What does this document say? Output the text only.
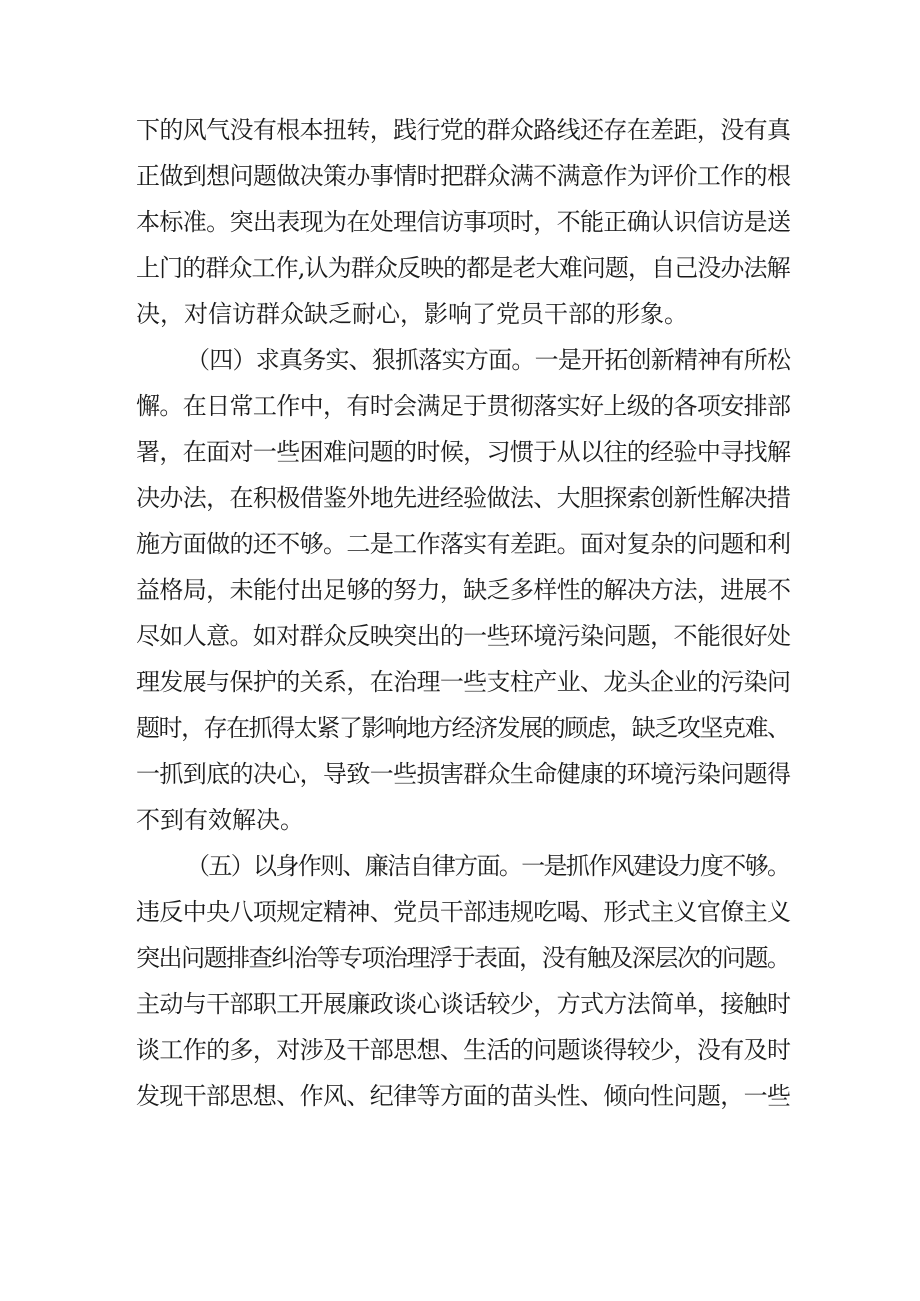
下的风气没有根本扭转，践行党的群众路线还存在差距，没有真
正做到想问题做决策办事情时把群众满不满意作为评价工作的根
本标准。突出表现为在处理信访事项时，不能正确认识信访是送
上门的群众工作,认为群众反映的都是老大难问题，自己没办法解
决，对信访群众缺乏耐心，影响了党员干部的形象。

（四）求真务实、狠抓落实方面。一是开拓创新精神有所松
懈。在日常工作中，有时会满足于贯彻落实好上级的各项安排部
署，在面对一些困难问题的时候，习惯于从以往的经验中寻找解
决办法，在积极借鉴外地先进经验做法、大胆探索创新性解决措
施方面做的还不够。二是工作落实有差距。面对复杂的问题和利
益格局，未能付出足够的努力，缺乏多样性的解决方法，进展不
尽如人意。如对群众反映突出的一些环境污染问题，不能很好处
理发展与保护的关系，在治理一些支柱产业、龙头企业的污染问
题时，存在抓得太紧了影响地方经济发展的顾虑，缺乏攻坚克难、
一抓到底的决心，导致一些损害群众生命健康的环境污染问题得
不到有效解决。

（五）以身作则、廉洁自律方面。一是抓作风建设力度不够。
违反中央八项规定精神、党员干部违规吃喝、形式主义官僚主义
突出问题排查纠治等专项治理浮于表面，没有触及深层次的问题。
主动与干部职工开展廉政谈心谈话较少，方式方法简单，接触时
谈工作的多，对涉及干部思想、生活的问题谈得较少，没有及时
发现干部思想、作风、纪律等方面的苗头性、倾向性问题，一些
